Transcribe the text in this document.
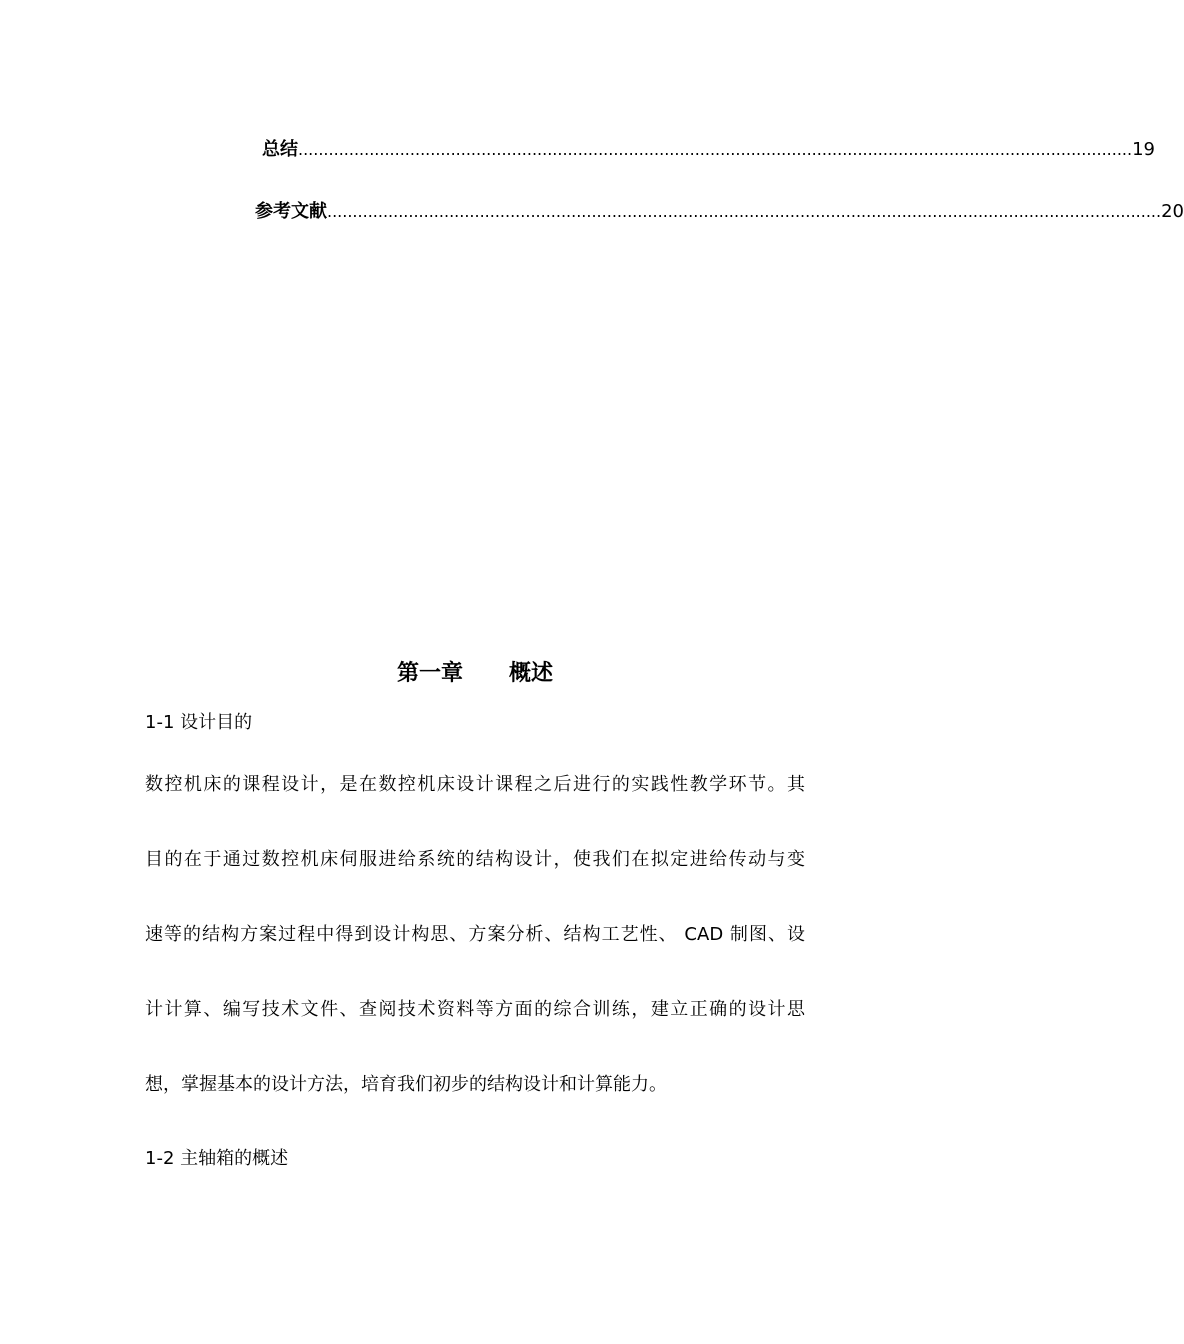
总结 .................................................................................................................................................................... 19
参考文献 .................................................................................................................................................................... 20
第一章      概述
1-1 设计目的
数控机床的课程设计，是在数控机床设计课程之后进行的实践性教学环节。其
目的在于通过数控机床伺服进给系统的结构设计，使我们在拟定进给传动与变
速等的结构方案过程中得到设计构思、方案分析、结构工艺性、 CAD 制图、设
计计算、编写技术文件、查阅技术资料等方面的综合训练，建立正确的设计思
想，掌握基本的设计方法，培育我们初步的结构设计和计算能力。
1-2 主轴箱的概述
